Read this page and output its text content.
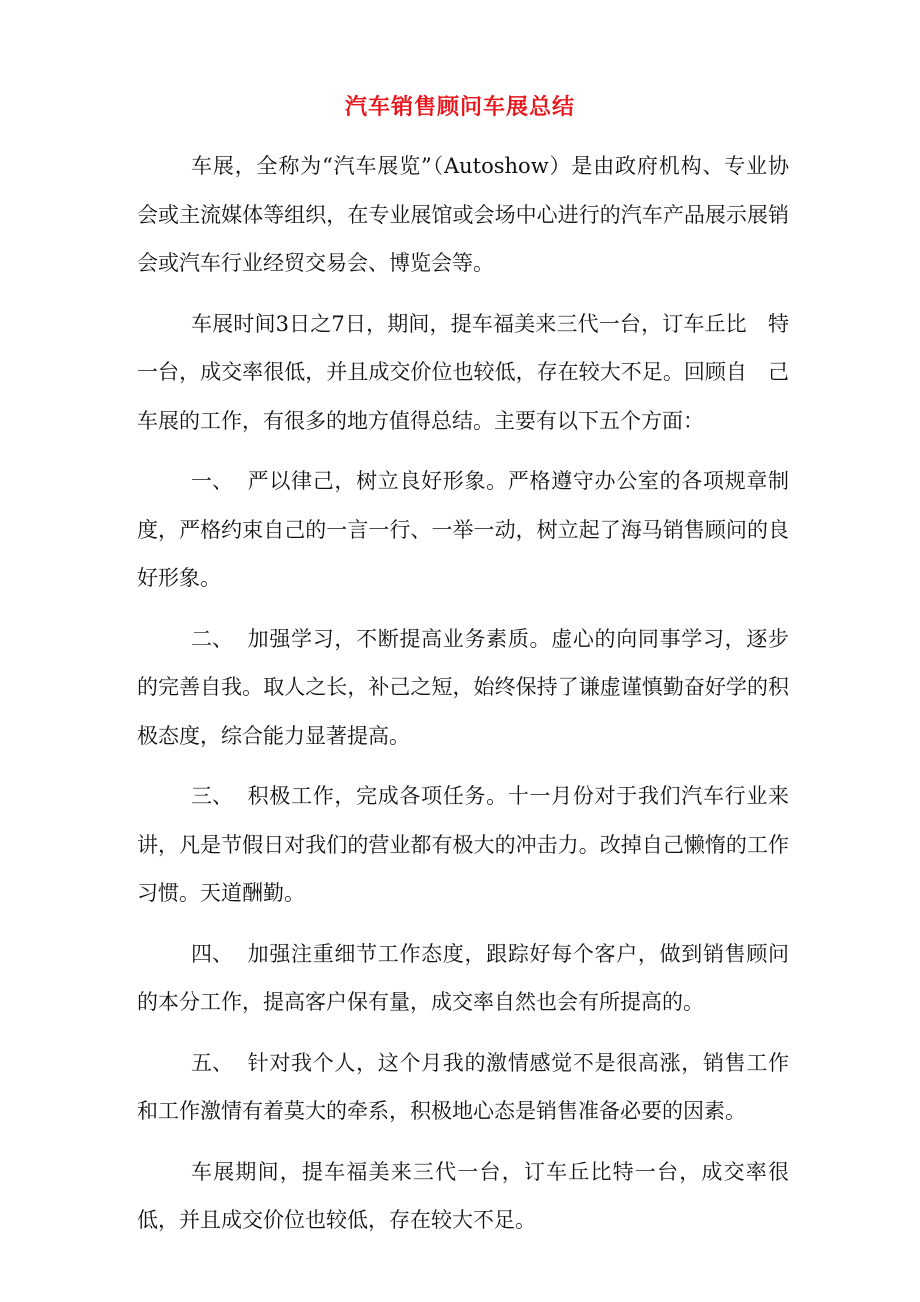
汽车销售顾问车展总结

车展，全称为“汽车展览”（Autoshow）是由政府机构、专业协会或主流媒体等组织，在专业展馆或会场中心进行的汽车产品展示展销会或汽车行业经贸交易会、博览会等。

车展时间3日之7日，期间，提车福美来三代一台，订车丘比　特一台，成交率很低，并且成交价位也较低，存在较大不足。回顾自　己车展的工作，有很多的地方值得总结。主要有以下五个方面：

一、 严以律己，树立良好形象。严格遵守办公室的各项规章制度，严格约束自己的一言一行、一举一动，树立起了海马销售顾问的良好形象。

二、 加强学习，不断提高业务素质。虚心的向同事学习，逐步的完善自我。取人之长，补己之短，始终保持了谦虚谨慎勤奋好学的积极态度，综合能力显著提高。

三、 积极工作，完成各项任务。十一月份对于我们汽车行业来讲，凡是节假日对我们的营业都有极大的冲击力。改掉自己懒惰的工作习惯。天道酬勤。

四、 加强注重细节工作态度，跟踪好每个客户，做到销售顾问的本分工作，提高客户保有量，成交率自然也会有所提高的。

五、 针对我个人，这个月我的激情感觉不是很高涨，销售工作和工作激情有着莫大的牵系，积极地心态是销售准备必要的因素。

车展期间，提车福美来三代一台，订车丘比特一台，成交率很低，并且成交价位也较低，存在较大不足。
